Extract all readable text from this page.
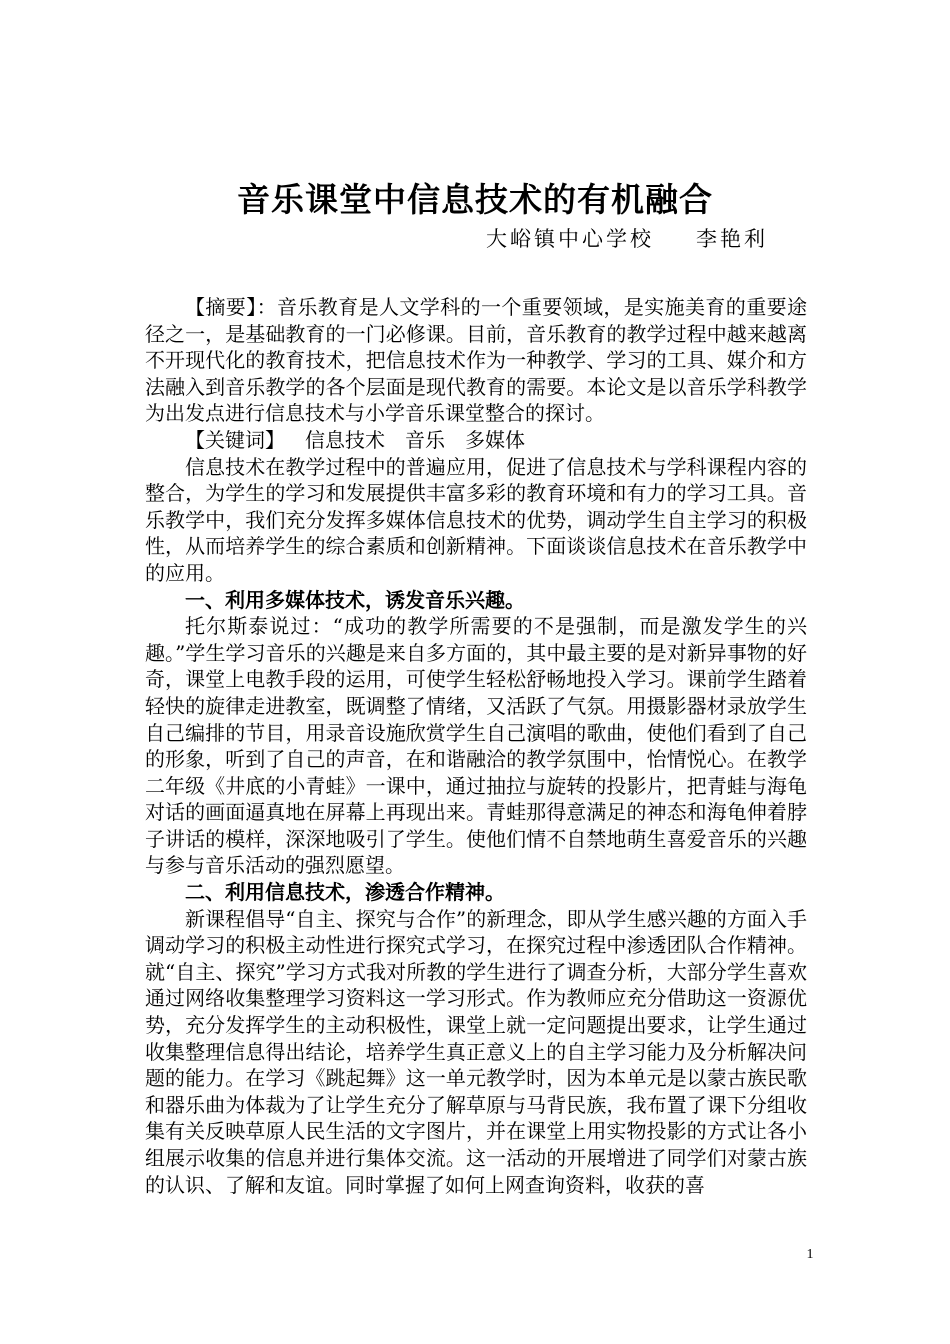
音乐课堂中信息技术的有机融合
大峪镇中心学校 李艳利

【摘要】：音乐教育是人文学科的一个重要领域，是实施美育的重要途径之一，是基础教育的一门必修课。目前，音乐教育的教学过程中越来越离不开现代化的教育技术，把信息技术作为一种教学、学习的工具、媒介和方法融入到音乐教学的各个层面是现代教育的需要。本论文是以音乐学科教学为出发点进行信息技术与小学音乐课堂整合的探讨。

【关键词】 信息技术 音乐 多媒体

信息技术在教学过程中的普遍应用，促进了信息技术与学科课程内容的整合，为学生的学习和发展提供丰富多彩的教育环境和有力的学习工具。音乐教学中，我们充分发挥多媒体信息技术的优势，调动学生自主学习的积极性，从而培养学生的综合素质和创新精神。下面谈谈信息技术在音乐教学中的应用。

一、利用多媒体技术，诱发音乐兴趣。

托尔斯泰说过：“成功的教学所需要的不是强制，而是激发学生的兴趣。”学生学习音乐的兴趣是来自多方面的，其中最主要的是对新异事物的好奇，课堂上电教手段的运用，可使学生轻松舒畅地投入学习。课前学生踏着轻快的旋律走进教室，既调整了情绪，又活跃了气氛。用摄影器材录放学生自己编排的节目，用录音设施欣赏学生自己演唱的歌曲，使他们看到了自己的形象，听到了自己的声音，在和谐融洽的教学氛围中，怡情悦心。在教学二年级《井底的小青蛙》一课中，通过抽拉与旋转的投影片，把青蛙与海龟对话的画面逼真地在屏幕上再现出来。青蛙那得意满足的神态和海龟伸着脖子讲话的模样，深深地吸引了学生。使他们情不自禁地萌生喜爱音乐的兴趣与参与音乐活动的强烈愿望。

二、利用信息技术，渗透合作精神。

新课程倡导“自主、探究与合作”的新理念，即从学生感兴趣的方面入手调动学习的积极主动性进行探究式学习，在探究过程中渗透团队合作精神。就“自主、探究”学习方式我对所教的学生进行了调查分析，大部分学生喜欢通过网络收集整理学习资料这一学习形式。作为教师应充分借助这一资源优势，充分发挥学生的主动积极性，课堂上就一定问题提出要求，让学生通过收集整理信息得出结论，培养学生真正意义上的自主学习能力及分析解决问题的能力。在学习《跳起舞》这一单元教学时，因为本单元是以蒙古族民歌和器乐曲为体裁为了让学生充分了解草原与马背民族，我布置了课下分组收集有关反映草原人民生活的文字图片，并在课堂上用实物投影的方式让各小组展示收集的信息并进行集体交流。这一活动的开展增进了同学们对蒙古族的认识、了解和友谊。同时掌握了如何上网查询资料，收获的喜

1
